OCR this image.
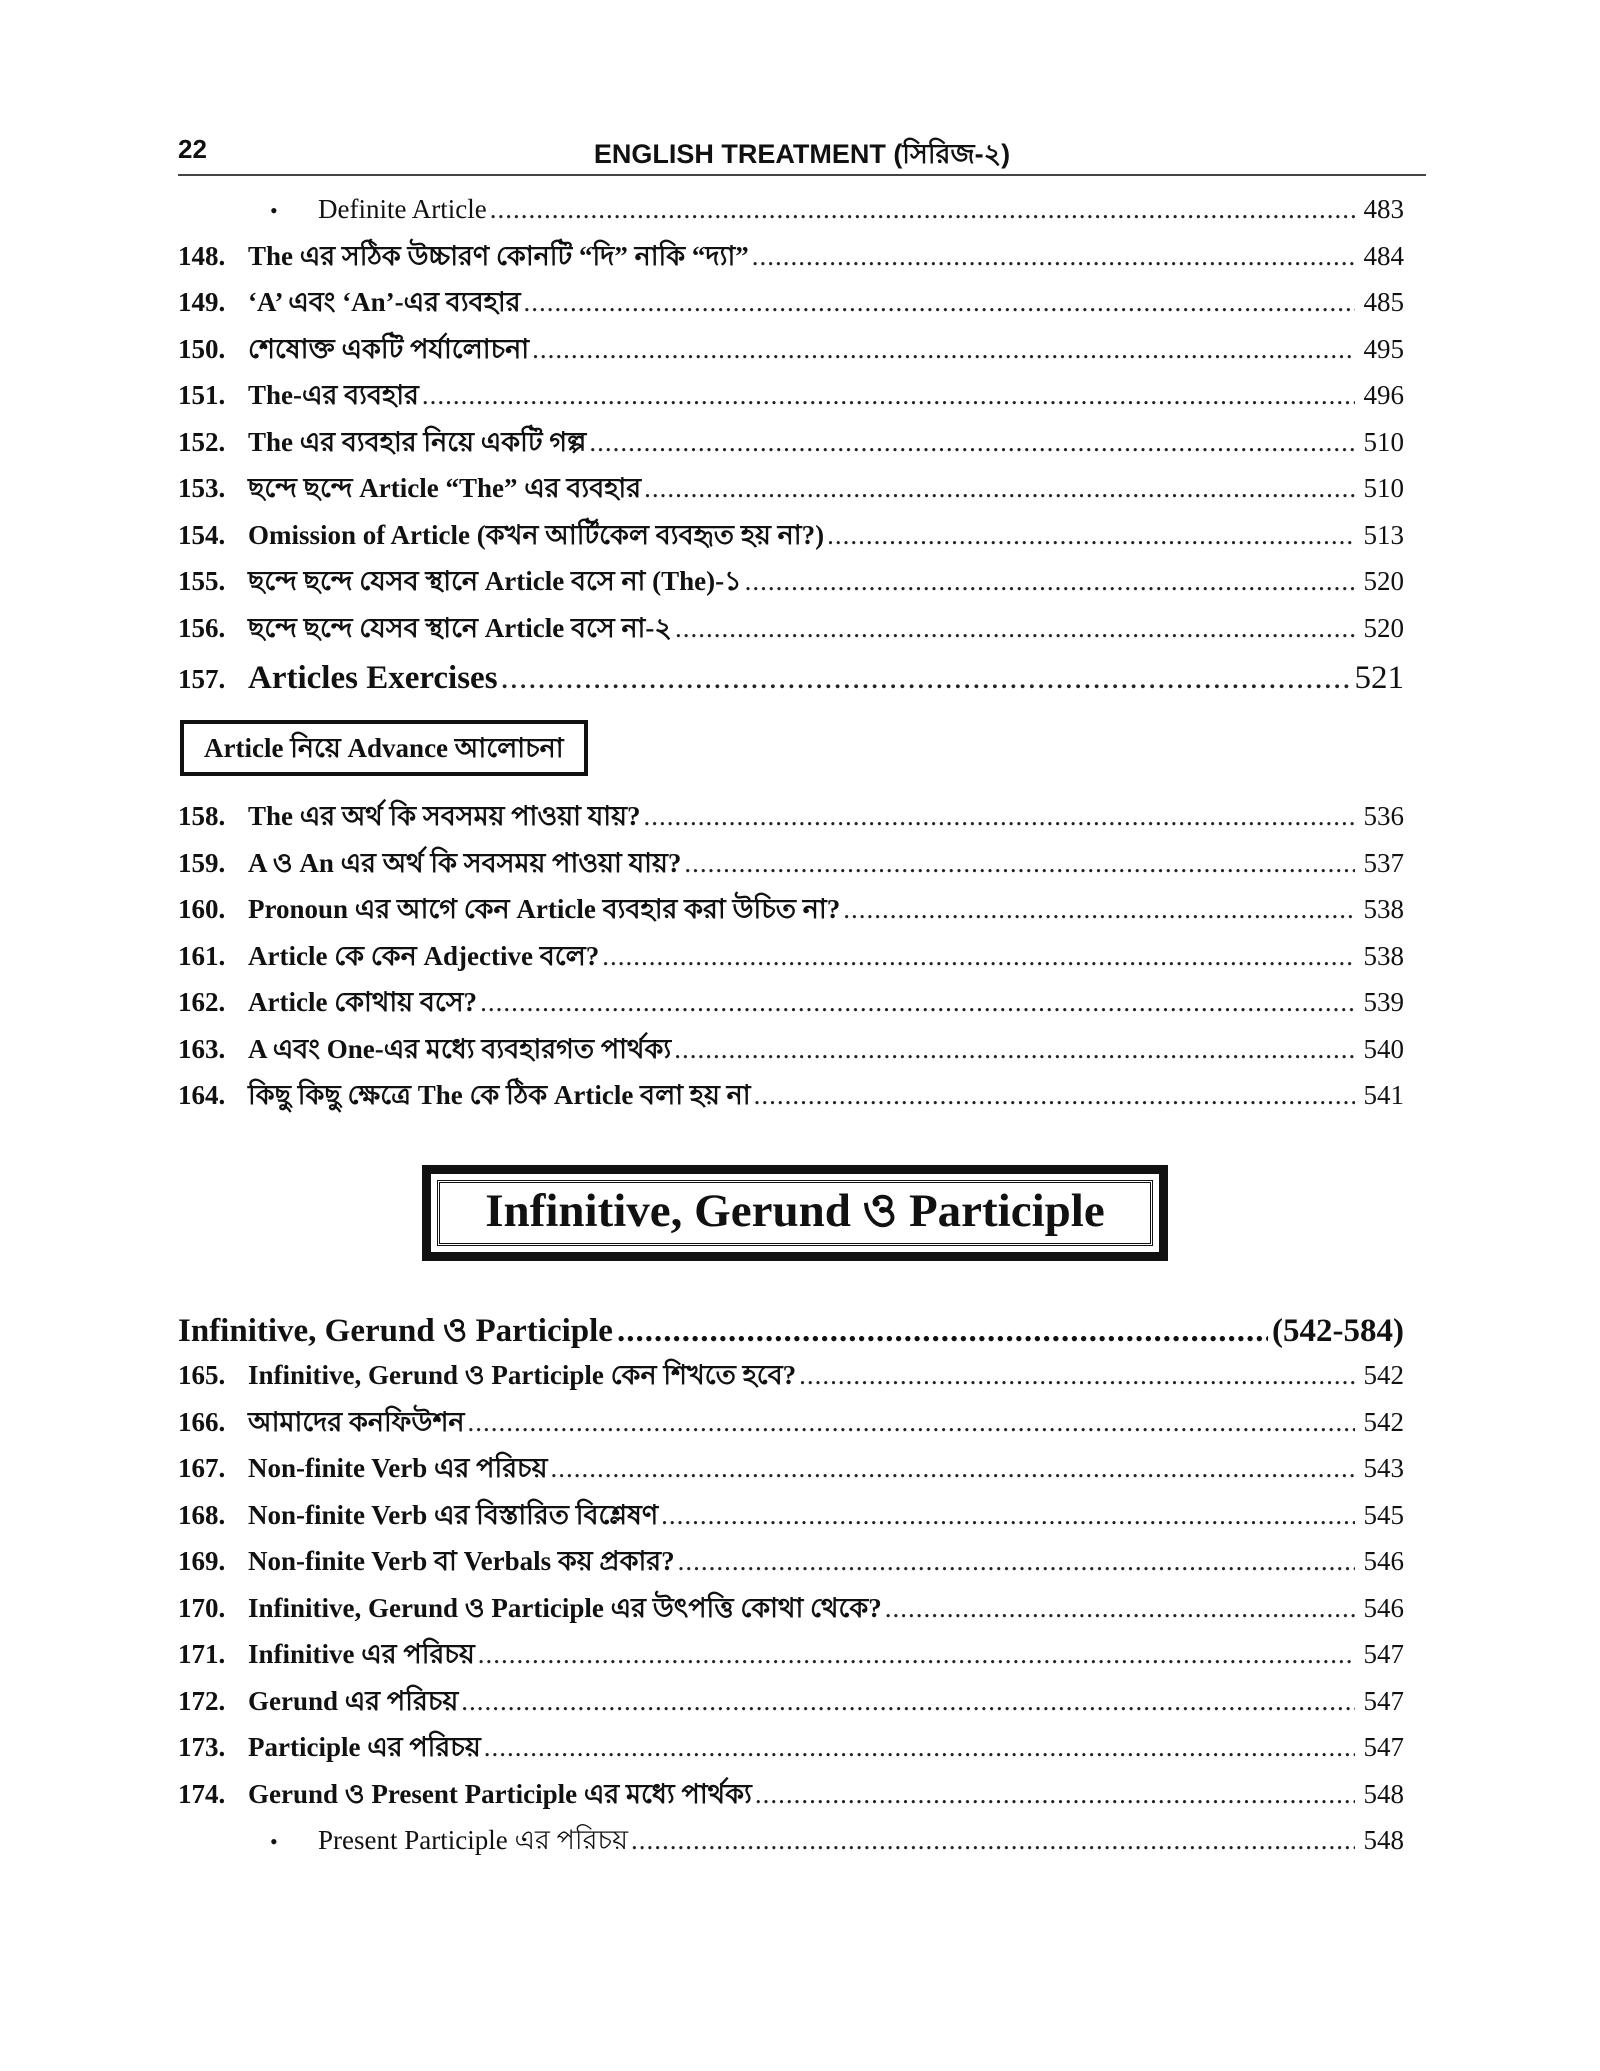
22	ENGLISH TREATMENT (সিরিজ-২)
•	Definite Article .....	483
148. The এর সঠিক উচ্চারণ কোনটি “দি” নাকি “দ্যা” .....	484
149. ‘A’ এবং ‘An’-এর ব্যবহার .....	485
150. শেষোক্ত একটি পর্যালোচনা .....	495
151. The-এর ব্যবহার .....	496
152. The এর ব্যবহার নিয়ে একটি গল্প .....	510
153. ছন্দে ছন্দে Article “The” এর ব্যবহার .....	510
154. Omission of Article (কখন আর্টিকেল ব্যবহৃত হয় না?) .....	513
155. ছন্দে ছন্দে যেসব স্থানে Article বসে না (The)-১ .....	520
156. ছন্দে ছন্দে যেসব স্থানে Article বসে না-২ .....	520
157. Articles Exercises .....	521
Article নিয়ে Advance আলোচনা
158. The এর অর্থ কি সবসময় পাওয়া যায়? .....	536
159. A ও An এর অর্থ কি সবসময় পাওয়া যায়? .....	537
160. Pronoun এর আগে কেন Article ব্যবহার করা উচিত না? .....	538
161. Article কে কেন Adjective বলে? .....	538
162. Article কোথায় বসে? .....	539
163. A এবং One-এর মধ্যে ব্যবহারগত পার্থক্য .....	540
164. কিছু কিছু ক্ষেত্রে The কে ঠিক Article বলা হয় না .....	541
Infinitive, Gerund ও Participle
Infinitive, Gerund ও Participle .....	(542-584)
165. Infinitive, Gerund ও Participle কেন শিখতে হবে? .....	542
166. আমাদের কনফিউশন .....	542
167. Non-finite Verb এর পরিচয় .....	543
168. Non-finite Verb এর বিস্তারিত বিশ্লেষণ .....	545
169. Non-finite Verb বা Verbals কয় প্রকার? .....	546
170. Infinitive, Gerund ও Participle এর উৎপত্তি কোথা থেকে? .....	546
171. Infinitive এর পরিচয় .....	547
172. Gerund এর পরিচয় .....	547
173. Participle এর পরিচয় .....	547
174. Gerund ও Present Participle এর মধ্যে পার্থক্য .....	548
•	Present Participle এর পরিচয় .....	548
